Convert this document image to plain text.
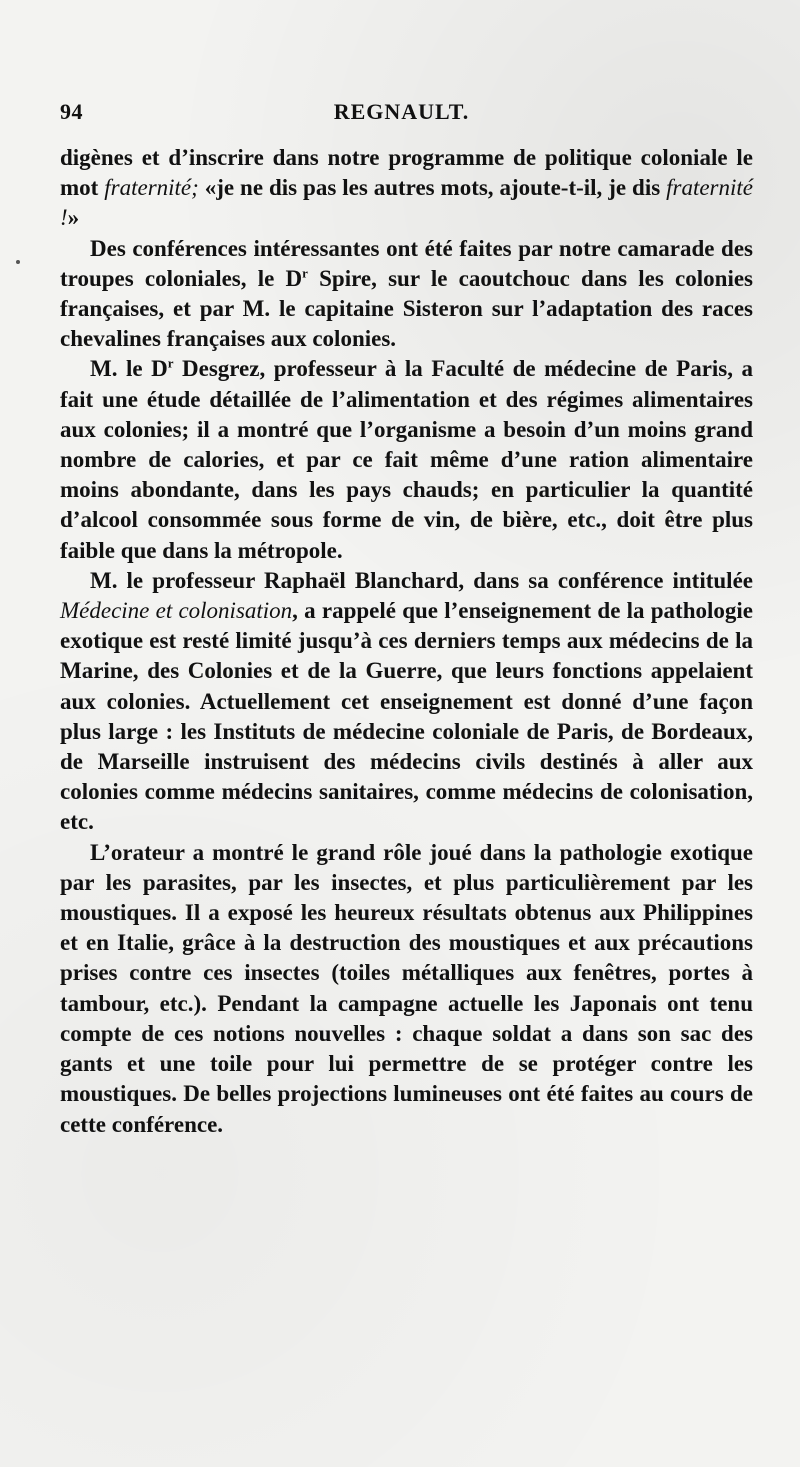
94	REGNAULT.

digènes et d’inscrire dans notre programme de politique coloniale le mot fraternité; «je ne dis pas les autres mots, ajoute-t-il, je dis fraternité !»

Des conférences intéressantes ont été faites par notre camarade des troupes coloniales, le $D^r$ Spire, sur le caoutchouc dans les colonies françaises, et par M. le capitaine Sisteron sur l’adaptation des races chevalines françaises aux colonies.

M. le $D^r$ Desgrez, professeur à la Faculté de médecine de Paris, a fait une étude détaillée de l’alimentation et des régimes alimentaires aux colonies; il a montré que l’organisme a besoin d’un moins grand nombre de calories, et par ce fait même d’une ration alimentaire moins abondante, dans les pays chauds; en particulier la quantité d’alcool consommée sous forme de vin, de bière, etc., doit être plus faible que dans la métropole.

M. le professeur Raphaël Blanchard, dans sa conférence intitulée Médecine et colonisation, a rappelé que l’enseignement de la pathologie exotique est resté limité jusqu’à ces derniers temps aux médecins de la Marine, des Colonies et de la Guerre, que leurs fonctions appelaient aux colonies. Actuellement cet enseignement est donné d’une façon plus large : les Instituts de médecine coloniale de Paris, de Bordeaux, de Marseille instruisent des médecins civils destinés à aller aux colonies comme médecins sanitaires, comme médecins de colonisation, etc.

L’orateur a montré le grand rôle joué dans la pathologie exotique par les parasites, par les insectes, et plus particulièrement par les moustiques. Il a exposé les heureux résultats obtenus aux Philippines et en Italie, grâce à la destruction des moustiques et aux précautions prises contre ces insectes (toiles métalliques aux fenêtres, portes à tambour, etc.). Pendant la campagne actuelle les Japonais ont tenu compte de ces notions nouvelles : chaque soldat a dans son sac des gants et une toile pour lui permettre de se protéger contre les moustiques. De belles projections lumineuses ont été faites au cours de cette conférence.
